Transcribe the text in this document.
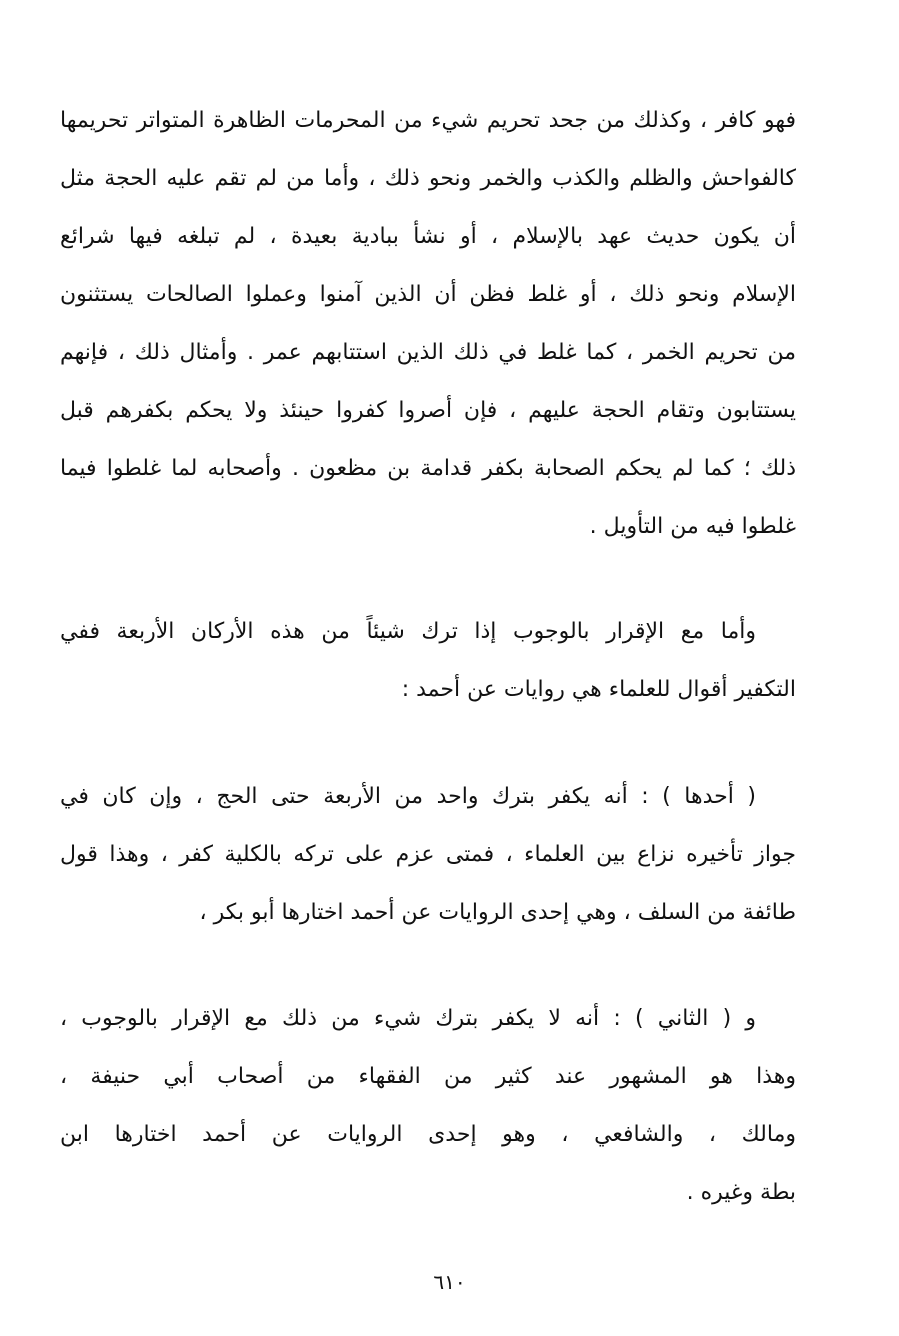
فهو كافر ، وكذلك من جحد تحريم شيء من المحرمات الظاهرة المتواتر تحريمها
كالفواحش والظلم والكذب والخمر ونحو ذلك ، وأما من لم تقم عليه الحجة مثل
أن يكون حديث عهد بالإسلام ، أو نشأ ببادية بعيدة ، لم تبلغه فيها شرائع
الإسلام ونحو ذلك ، أو غلط فظن أن الذين آمنوا وعملوا الصالحات يستثنون
من تحريم الخمر ، كما غلط في ذلك الذين استتابهم عمر . وأمثال ذلك ، فإنهم
يستتابون وتقام الحجة عليهم ، فإن أصروا كفروا حينئذ ولا يحكم بكفرهم قبل
ذلك ؛ كما لم يحكم الصحابة بكفر قدامة بن مظعون . وأصحابه لما غلطوا فيما
غلطوا فيه من التأويل .
وأما مع الإقرار بالوجوب إذا ترك شيئاً من هذه الأركان الأربعة ففي
التكفير أقوال للعلماء هي روايات عن أحمد :
( أحدها ) : أنه يكفر بترك واحد من الأربعة حتى الحج ، وإن كان في
جواز تأخيره نزاع بين العلماء ، فمتى عزم على تركه بالكلية كفر ، وهذا قول
طائفة من السلف ، وهي إحدى الروايات عن أحمد اختارها أبو بكر ،
و ( الثاني ) : أنه لا يكفر بترك شيء من ذلك مع الإقرار بالوجوب ،
وهذا هو المشهور عند كثير من الفقهاء من أصحاب أبي حنيفة ،
ومالك ، والشافعي ، وهو إحدى الروايات عن أحمد اختارها ابن
بطة وغيره .
٦١٠
